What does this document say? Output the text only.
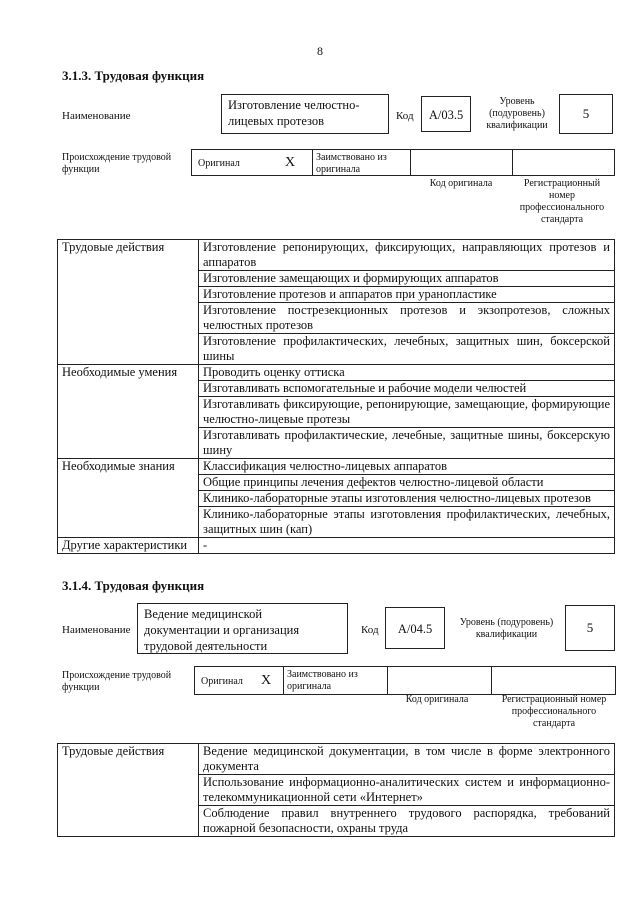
8
3.1.3. Трудовая функция
Наименование
Изготовление челюстно-лицевых протезов	Код	A/03.5
Уровень (подуровень) квалификации
5
Происхождение трудовой функции
Оригинал	X Заимствовано из оригинала
Код оригинала	Регистрационный номер профессионального стандарта
Трудовые действия	Изготовление репонирующих, фиксирующих, направляющих протезов и аппаратов
	Изготовление замещающих и формирующих аппаратов
	Изготовление протезов и аппаратов при уранопластике
	Изготовление пострезекционных протезов и экзопротезов, сложных челюстных протезов
	Изготовление профилактических, лечебных, защитных шин, боксерской шины
Необходимые умения	Проводить оценку оттиска
	Изготавливать вспомогательные и рабочие модели челюстей
	Изготавливать фиксирующие, репонирующие, замещающие, формирующие челюстно-лицевые протезы
	Изготавливать профилактические, лечебные, защитные шины, боксерскую шину
Необходимые знания	Классификация челюстно-лицевых аппаратов
	Общие принципы лечения дефектов челюстно-лицевой области
	Клинико-лабораторные этапы изготовления челюстно-лицевых протезов
	Клинико-лабораторные этапы изготовления профилактических, лечебных, защитных шин (кап)
Другие характеристики	-
3.1.4. Трудовая функция
Наименование
Ведение медицинской документации и организация трудовой деятельности
Код	A/04.5	Уровень (подуровень) квалификации	5
Происхождение трудовой функции
Оригинал X Заимствовано из оригинала
Код оригинала	Регистрационный номер профессионального стандарта
Трудовые действия	Ведение медицинской документации, в том числе в форме электронного документа
Использование информационно-аналитических систем и информационно-телекоммуникационной сети «Интернет»
Соблюдение правил внутреннего трудового распорядка, требований пожарной безопасности, охраны труда
